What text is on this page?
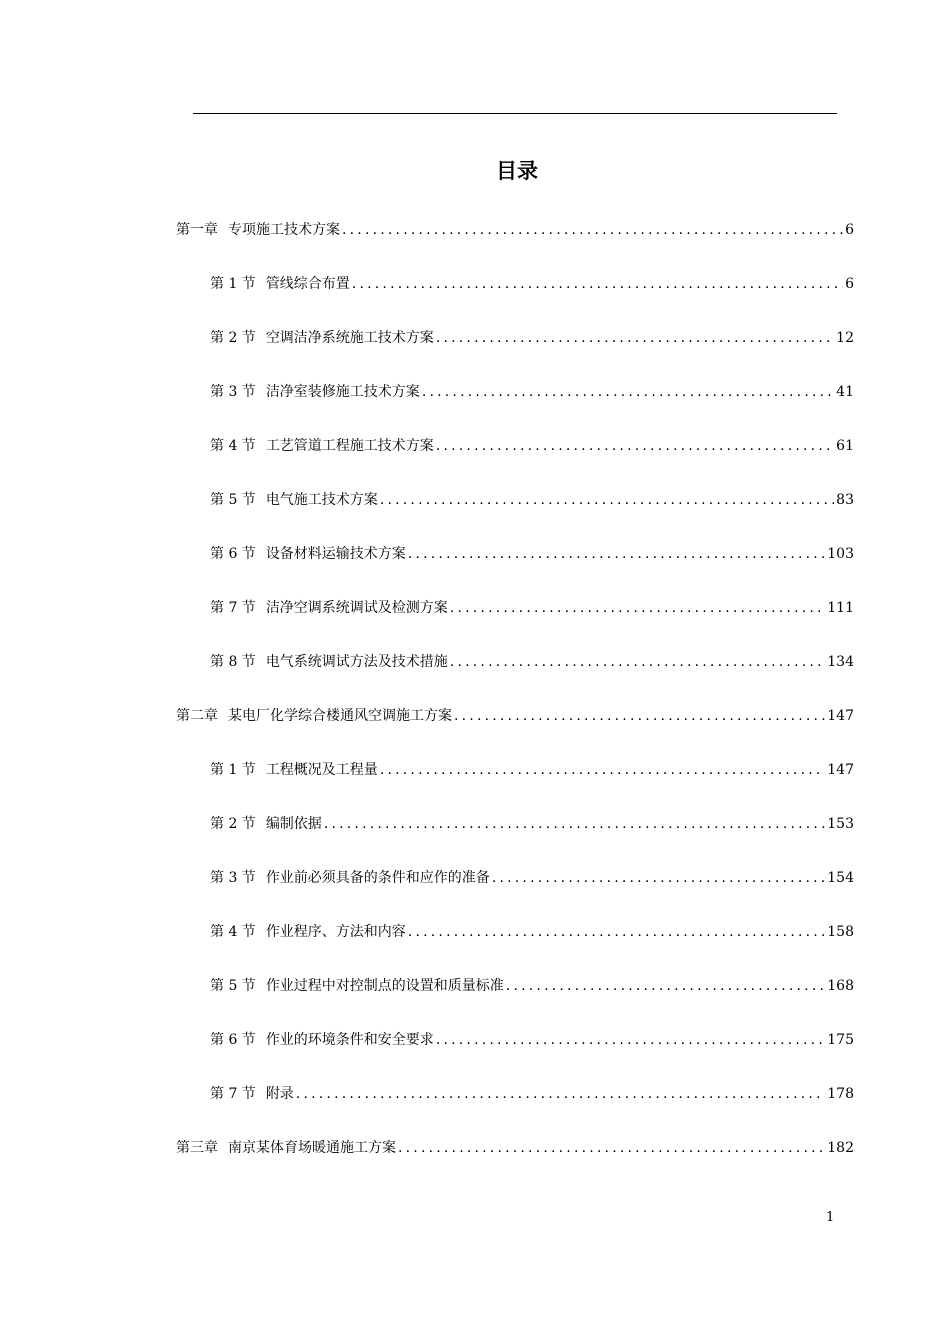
目录
第一章 专项施工技术方案 .....	6
第 1 节 管线综合布置 .....	6
第 2 节 空调洁净系统施工技术方案 .....	12
第 3 节 洁净室装修施工技术方案 .....	41
第 4 节 工艺管道工程施工技术方案 .....	61
第 5 节 电气施工技术方案 .....	83
第 6 节 设备材料运输技术方案 .....	103
第 7 节 洁净空调系统调试及检测方案 .....	111
第 8 节 电气系统调试方法及技术措施 .....	134
第二章 某电厂化学综合楼通风空调施工方案 .....	147
第 1 节 工程概况及工程量 .....	147
第 2 节 编制依据 .....	153
第 3 节 作业前必须具备的条件和应作的准备 .....	154
第 4 节 作业程序、方法和内容 .....	158
第 5 节 作业过程中对控制点的设置和质量标准 .....	168
第 6 节 作业的环境条件和安全要求 .....	175
第 7 节 附录 .....	178
第三章 南京某体育场暖通施工方案 .....	182
1
